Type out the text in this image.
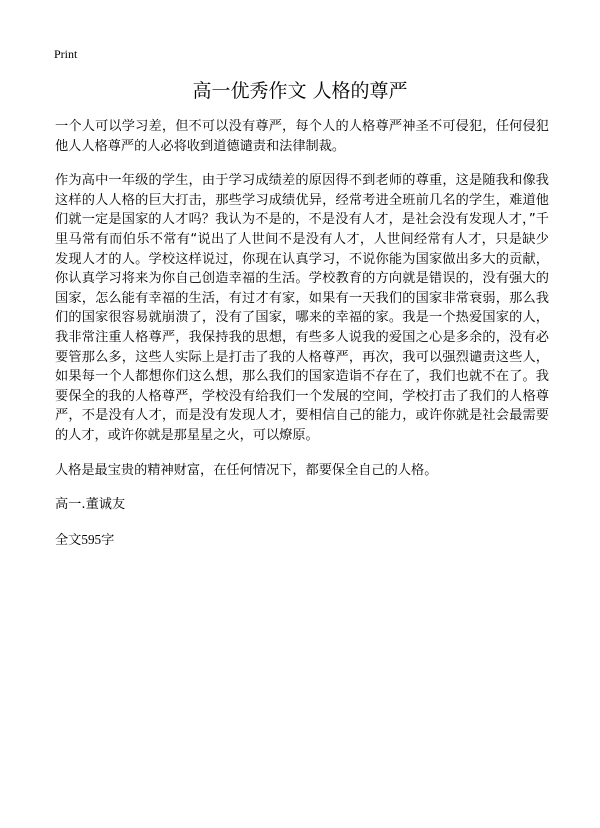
Print
高一优秀作文 人格的尊严

一个人可以学习差，但不可以没有尊严，每个人的人格尊严神圣不可侵犯，任何侵犯他人人格尊严的人必将收到道德谴责和法律制裁。

作为高中一年级的学生，由于学习成绩差的原因得不到老师的尊重，这是随我和像我这样的人人格的巨大打击，那些学习成绩优异，经常考进全班前几名的学生，难道他们就一定是国家的人才吗？我认为不是的，不是没有人才，是社会没有发现人才，”千里马常有而伯乐不常有“说出了人世间不是没有人才，人世间经常有人才，只是缺少发现人才的人。学校这样说过，你现在认真学习，不说你能为国家做出多大的贡献，你认真学习将来为你自己创造幸福的生活。学校教育的方向就是错误的，没有强大的国家，怎么能有幸福的生活，有过才有家，如果有一天我们的国家非常衰弱，那么我们的国家很容易就崩溃了，没有了国家，哪来的幸福的家。我是一个热爱国家的人，我非常注重人格尊严，我保持我的思想，有些多人说我的爱国之心是多余的，没有必要管那么多，这些人实际上是打击了我的人格尊严，再次，我可以强烈谴责这些人，如果每一个人都想你们这么想，那么我们的国家造诣不存在了，我们也就不在了。我要保全的我的人格尊严，学校没有给我们一个发展的空间，学校打击了我们的人格尊严，不是没有人才，而是没有发现人才，要相信自己的能力，或许你就是社会最需要的人才，或许你就是那星星之火，可以燎原。

人格是最宝贵的精神财富，在任何情况下，都要保全自己的人格。

高一.董诚友

全文595字
